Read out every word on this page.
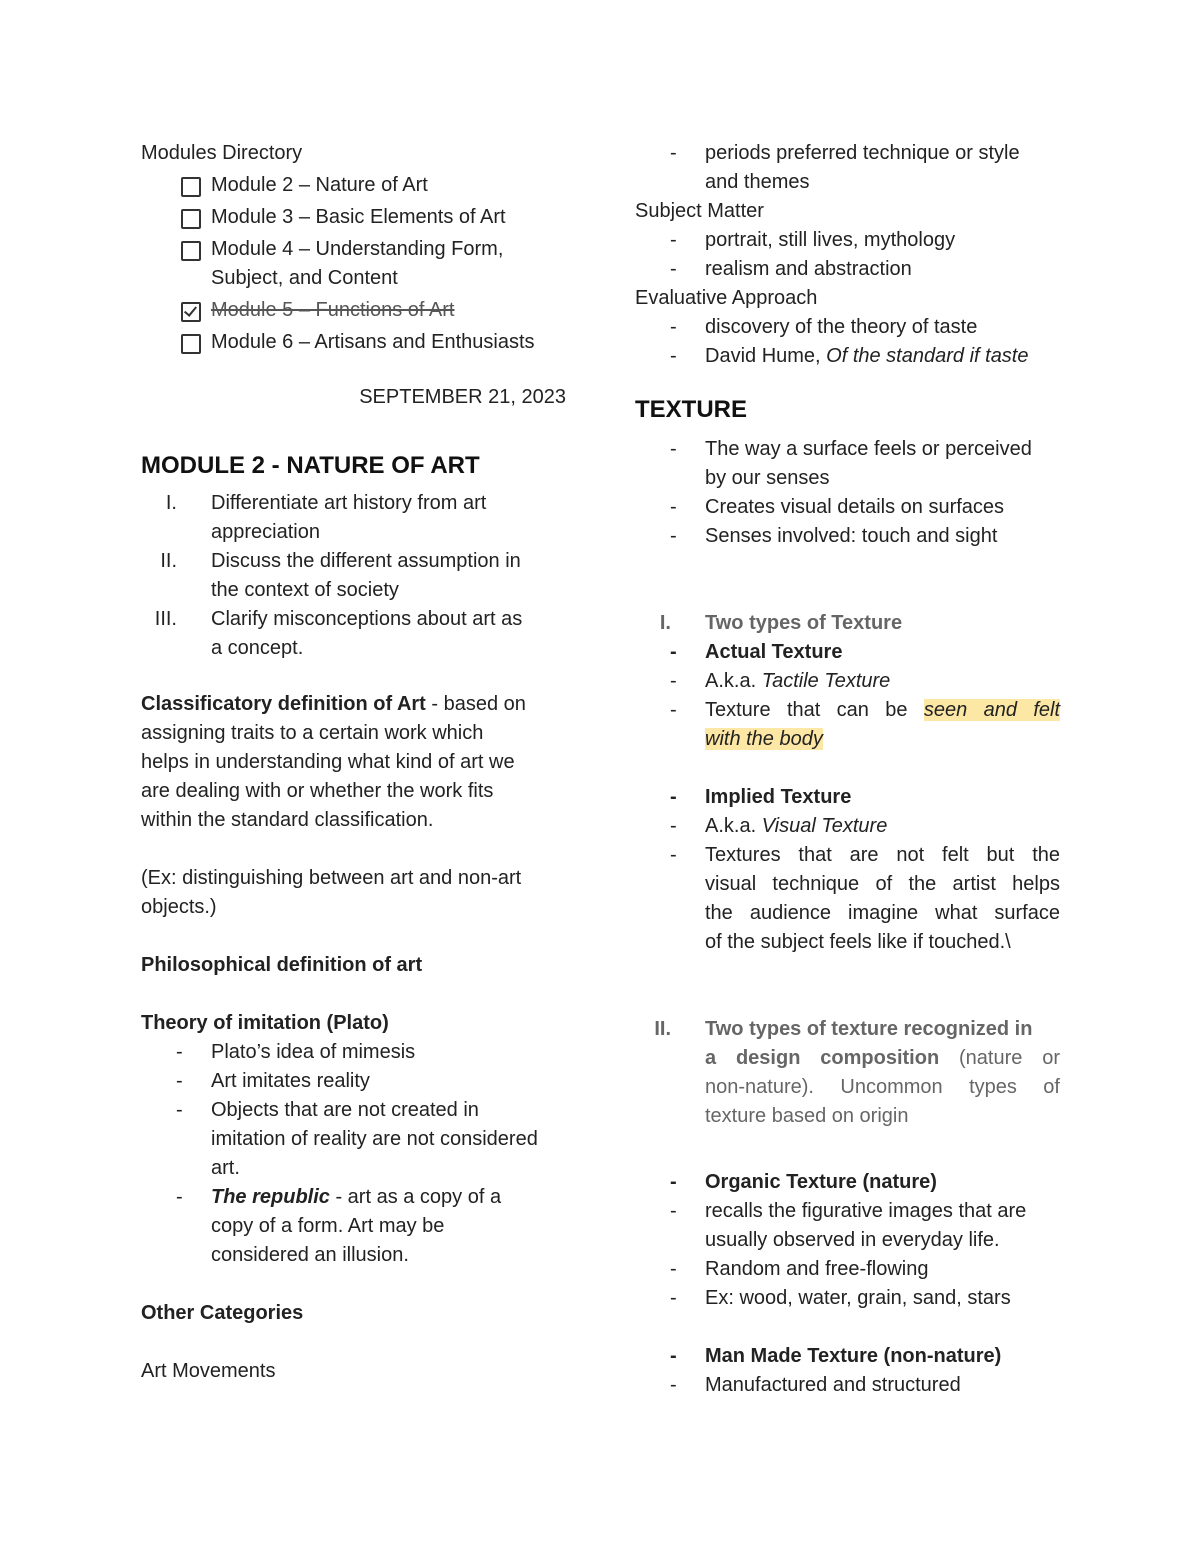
Modules Directory

Module 2 – Nature of Art
Module 3 – Basic Elements of Art
Module 4 – Understanding Form,
Subject, and Content
Module 5 – Functions of Art
Module 6 – Artisans and Enthusiasts

SEPTEMBER 21, 2023

MODULE 2 - NATURE OF ART
I. Differentiate art history from art
appreciation
II. Discuss the different assumption in
the context of society
III. Clarify misconceptions about art as
a concept.
Classificatory definition of Art - based on
assigning traits to a certain work which
helps in understanding what kind of art we
are dealing with or whether the work fits
within the standard classification.
(Ex: distinguishing between art and non-art
objects.)

Philosophical definition of art

Theory of imitation (Plato)

- Plato’s idea of mimesis
- Art imitates reality
- Objects that are not created in
imitation of reality are not considered
art.
- The republic - art as a copy of a
copy of a form. Art may be
considered an illusion.

Other Categories

Art Movements

- periods preferred technique or style
and themes

Subject Matter

- portrait, still lives, mythology
- realism and abstraction

Evaluative Approach

- discovery of the theory of taste
- David Hume, Of the standard if taste
TEXTURE
- The way a surface feels or perceived
by our senses
- Creates visual details on surfaces
- Senses involved: touch and sight
I. Two types of Texture
- Actual Texture
- A.k.a. Tactile Texture
- Texture that can be seen and felt
with the body
- Implied Texture
- A.k.a. Visual Texture
- Textures that are not felt but the
visual technique of the artist helps
the audience imagine what surface
of the subject feels like if touched.\
II. Two types of texture recognized in
a design composition (nature or
non-nature). Uncommon types of
texture based on origin
- Organic Texture (nature)
- recalls the figurative images that are
usually observed in everyday life.
- Random and free-flowing
- Ex: wood, water, grain, sand, stars
- Man Made Texture (non-nature)
- Manufactured and structured
